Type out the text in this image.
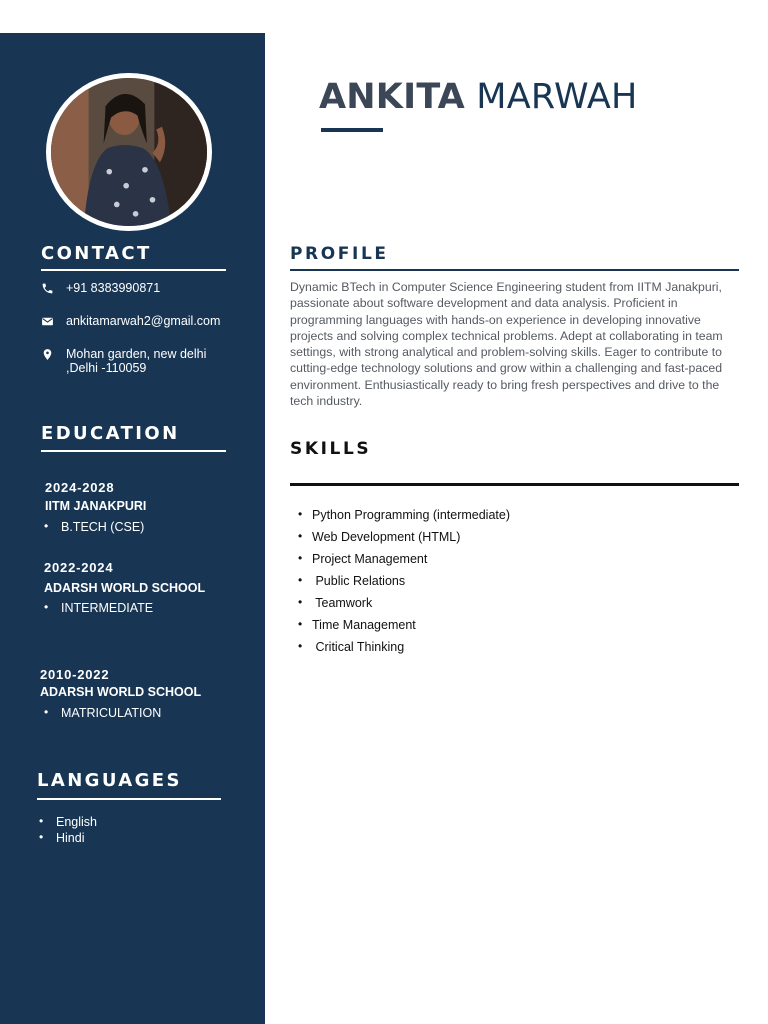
CONTACT
+91 8383990871
ankitamarwah2@gmail.com
Mohan garden, new delhi
,Delhi -110059
EDUCATION
2024-2028
IITM JANAKPURI
• B.TECH (CSE)
2022-2024
ADARSH WORLD SCHOOL
• INTERMEDIATE
2010-2022
ADARSH WORLD SCHOOL
• MATRICULATION
LANGUAGES
• English
• Hindi
ANKITA MARWAH
PROFILE
Dynamic BTech in Computer Science Engineering student from IITM Janakpuri, passionate about software development and data analysis. Proficient in programming languages with hands-on experience in developing innovative projects and solving complex technical problems. Adept at collaborating in team settings, with strong analytical and problem-solving skills. Eager to contribute to cutting-edge technology solutions and grow within a challenging and fast-paced environment. Enthusiastically ready to bring fresh perspectives and drive to the tech industry.
SKILLS
• Python Programming (intermediate)
• Web Development (HTML)
• Project Management
•  Public Relations
•  Teamwork
• Time Management
•  Critical Thinking
